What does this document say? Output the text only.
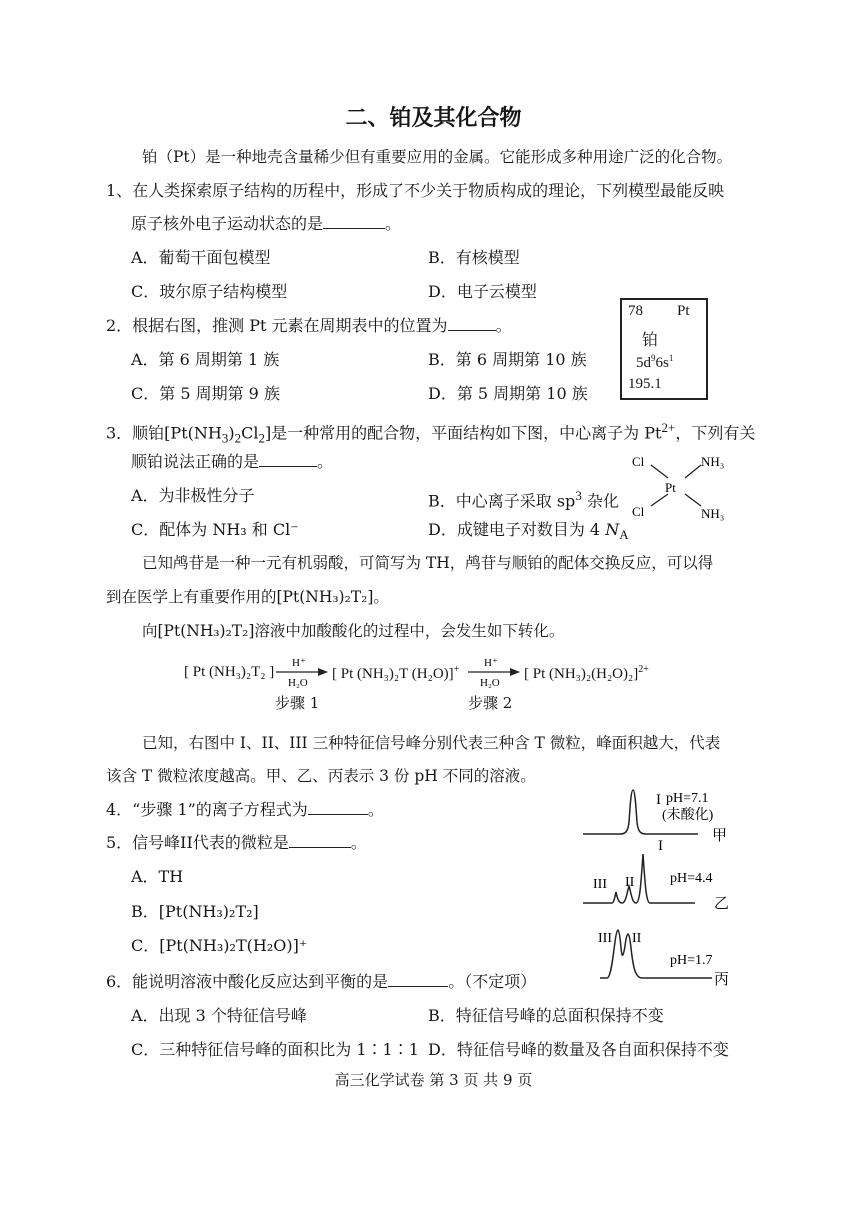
二、铂及其化合物
铂（Pt）是一种地壳含量稀少但有重要应用的金属。它能形成多种用途广泛的化合物。
1、在人类探索原子结构的历程中，形成了不少关于物质构成的理论，下列模型最能反映
原子核外电子运动状态的是	。
A．葡萄干面包模型	B．有核模型
C．玻尔原子结构模型	D．电子云模型
2．根据右图，推测 Pt 元素在周期表中的位置为	。
A．第 6 周期第 1 族	B．第 6 周期第 10 族
C．第 5 周期第 9 族	D．第 5 周期第 10 族
78 Pt
铂
$5d^96s^1$
195.1
3．顺铂$[Pt(NH_3)_2Cl_2]$是一种常用的配合物，平面结构如下图，中心离子为 $Pt^{2+}$，下列有关
顺铂说法正确的是	。
A．为非极性分子	B．中心离子采取 $sp^3$ 杂化
C．配体为 NH₃ 和 Cl⁻	D．成键电子对数目为 4 $N_A$
Pt
Cl
Cl
NH₃
NH₃
已知鸬苷是一种一元有机弱酸，可简写为 TH，鸬苷与顺铂的配体交换反应，可以得
到在医学上有重要作用的[Pt(NH₃)₂T₂]。
向[Pt(NH₃)₂T₂]溶液中加酸酸化的过程中，会发生如下转化。
[ Pt (NH₃)₂T₂ ]
H⁺
H₂O
[ Pt (NH₃)₂T (H₂O)]+
H⁺
H₂O
[ Pt (NH₃)₂(H₂O)₂]$^{2+}$
步骤 1	步骤 2
已知，右图中 I、II、III 三种特征信号峰分别代表三种含 T 微粒，峰面积越大，代表
该含 T 微粒浓度越高。甲、乙、丙表示 3 份 pH 不同的溶液。
4．“步骤 1”的离子方程式为	。
5．信号峰II代表的微粒是	。
A．TH
B．[Pt(NH₃)₂T₂]
C．[Pt(NH₃)₂T(H₂O)]⁺
6．能说明溶液中酸化反应达到平衡的是	。（不定项）
A．出现 3 个特征信号峰	B．特征信号峰的总面积保持不变
C．三种特征信号峰的面积比为 1∶1∶1 D．特征信号峰的数量及各自面积保持不变
I pH=7.1
(未酸化)
甲
III II
I
pH=4.4
乙
III II
pH=1.7
丙
高三化学试卷 第 3 页 共 9 页
